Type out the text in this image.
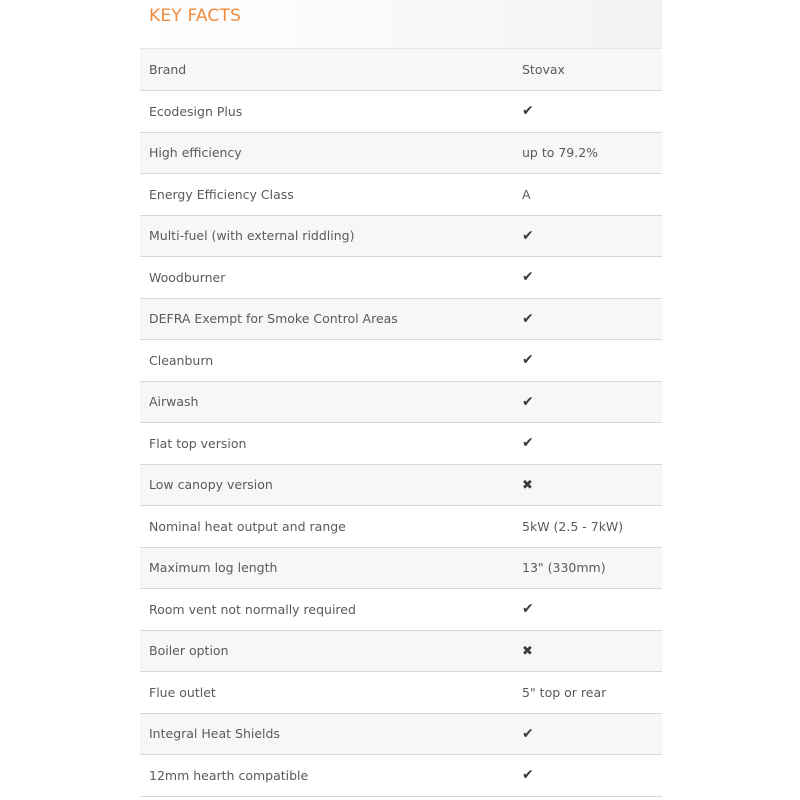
KEY FACTS
Brand	Stovax
Ecodesign Plus	✔
High efficiency	up to 79.2%
Energy Efficiency Class	A
Multi-fuel (with external riddling)	✔
Woodburner	✔
DEFRA Exempt for Smoke Control Areas	✔
Cleanburn	✔
Airwash	✔
Flat top version	✔
Low canopy version	✖
Nominal heat output and range	5kW (2.5 - 7kW)
Maximum log length	13" (330mm)
Room vent not normally required	✔
Boiler option	✖
Flue outlet	5" top or rear
Integral Heat Shields	✔
12mm hearth compatible	✔
